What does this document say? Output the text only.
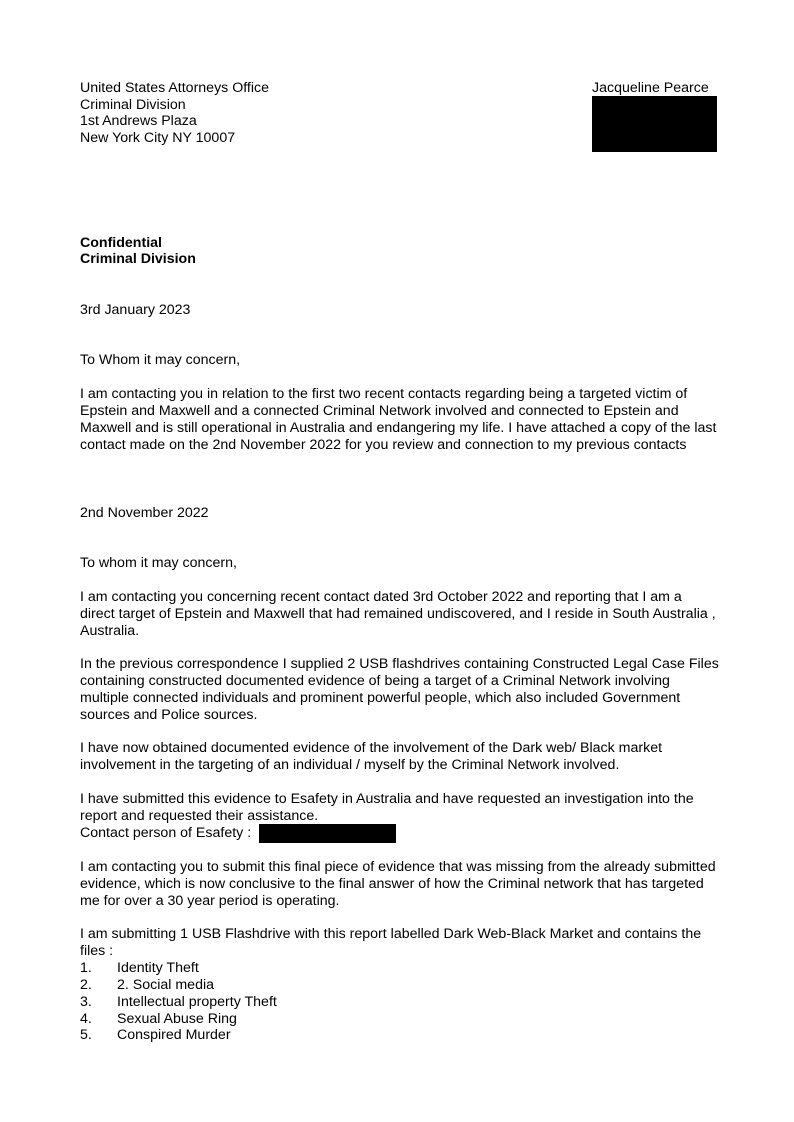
United States Attorneys Office
Criminal Division
1st Andrews Plaza
New York City NY 10007
Jacqueline Pearce
Confidential
Criminal Division
3rd January 2023
To Whom it may concern,
I am contacting you in relation to the first two recent contacts regarding being a targeted victim of Epstein and Maxwell and a connected Criminal Network involved and connected to Epstein and Maxwell and is still operational in Australia and endangering my life. I have attached a copy of the last contact made on the 2nd November 2022 for you review and connection to my previous contacts
2nd November 2022
To whom it may concern,
I am contacting you concerning recent contact dated 3rd October 2022 and reporting that I am a direct target of Epstein and Maxwell that had remained undiscovered, and I reside in South Australia , Australia.
In the previous correspondence I supplied 2 USB flashdrives containing Constructed Legal Case Files containing constructed documented evidence of being a target of a Criminal Network involving multiple connected individuals and prominent powerful people, which also included Government sources and Police sources.
I have now obtained documented evidence of the involvement of the Dark web/ Black market involvement in the targeting of an individual / myself by the Criminal Network involved.
I have submitted this evidence to Esafety in Australia and have requested an investigation into the report and requested their assistance.
Contact person of Esafety :
I am contacting you to submit this final piece of evidence that was missing from the already submitted evidence, which is now conclusive to the final answer of how the Criminal network that has targeted me for over a 30 year period is operating.
I am submitting 1 USB Flashdrive with this report labelled Dark Web-Black Market and contains the files :
1. Identity Theft
2. 2. Social media
3. Intellectual property Theft
4. Sexual Abuse Ring
5. Conspired Murder
